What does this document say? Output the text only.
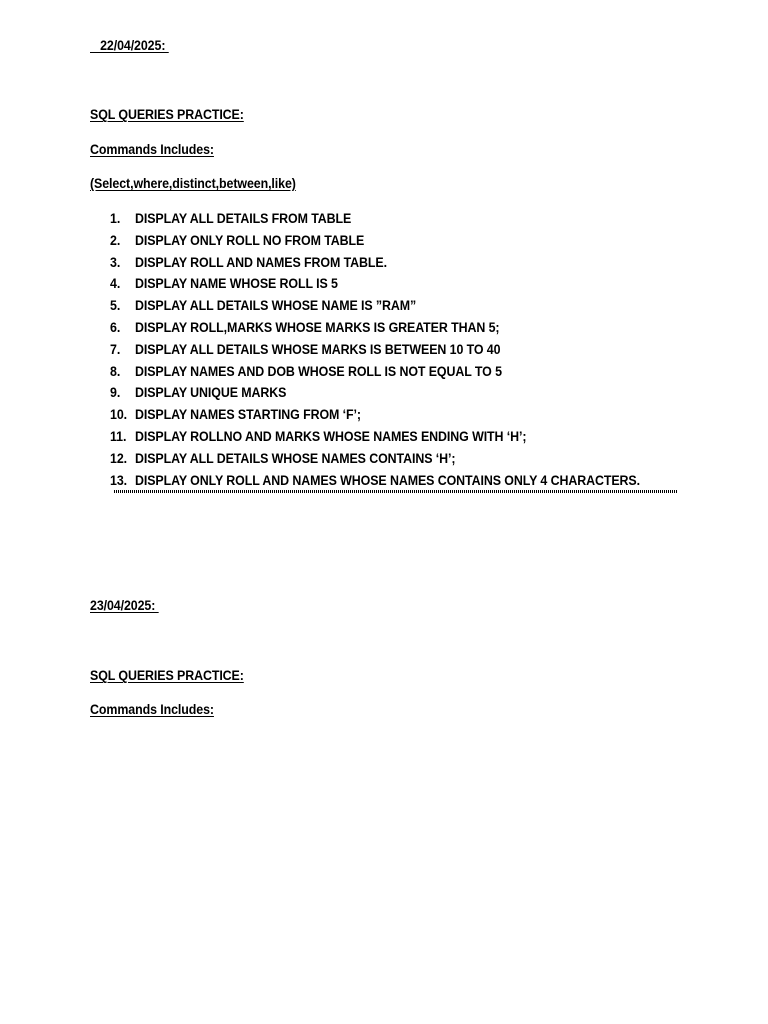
22/04/2025:
SQL QUERIES PRACTICE:
Commands Includes:
(Select,where,distinct,between,like)
1. DISPLAY ALL DETAILS FROM TABLE
2. DISPLAY ONLY ROLL NO FROM TABLE
3. DISPLAY ROLL AND NAMES FROM TABLE.
4. DISPLAY NAME WHOSE ROLL IS 5
5. DISPLAY ALL DETAILS WHOSE NAME IS ”RAM”
6. DISPLAY ROLL,MARKS WHOSE MARKS IS GREATER THAN 5;
7. DISPLAY ALL DETAILS WHOSE MARKS IS BETWEEN 10 TO 40
8. DISPLAY NAMES AND DOB WHOSE ROLL IS NOT EQUAL TO 5
9. DISPLAY UNIQUE MARKS
10. DISPLAY NAMES STARTING FROM ‘F’;
11. DISPLAY ROLLNO AND MARKS WHOSE NAMES ENDING WITH ‘H’;
12. DISPLAY ALL DETAILS WHOSE NAMES CONTAINS ‘H’;
13. DISPLAY ONLY ROLL AND NAMES WHOSE NAMES CONTAINS ONLY 4 CHARACTERS.
23/04/2025:
SQL QUERIES PRACTICE:
Commands Includes:
